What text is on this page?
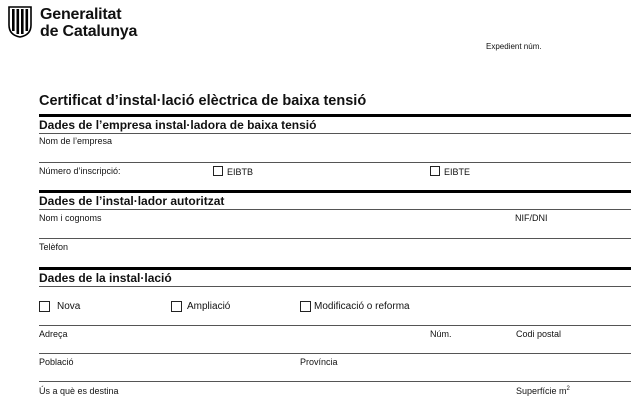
Generalitat
de Catalunya
Expedient núm.
Certificat d’instal·lació elèctrica de baixa tensió
Dades de l’empresa instal·ladora de baixa tensió
Nom de l’empresa
Número d’inscripció:	EIBTB	EIBTE
Dades de l’instal·lador autoritzat
Nom i cognoms	NIF/DNI
Telèfon
Dades de la instal·lació
Nova	Ampliació	Modificació o reforma
Adreça	Núm.	Codi postal
Població	Província
Ús a què es destina	Superfície $m^2$
